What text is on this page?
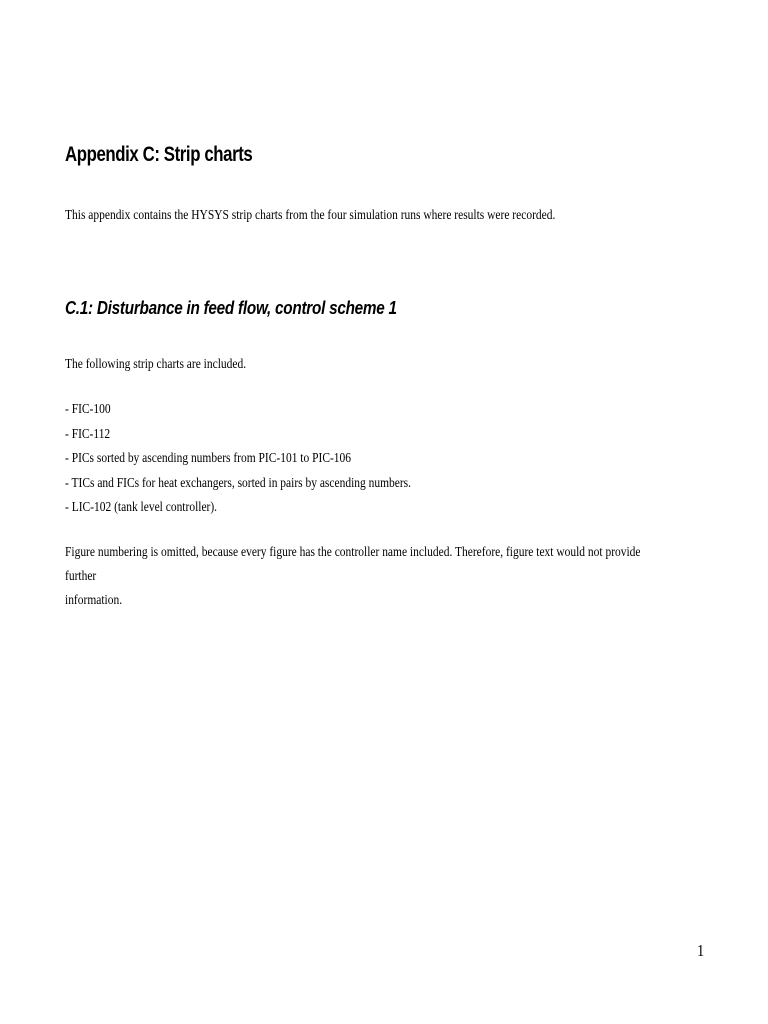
Appendix C: Strip charts

This appendix contains the HYSYS strip charts from the four simulation runs where results were recorded.

C.1: Disturbance in feed flow, control scheme 1

The following strip charts are included.

- FIC-100
- FIC-112
- PICs sorted by ascending numbers from PIC-101 to PIC-106
- TICs and FICs for heat exchangers, sorted in pairs by ascending numbers.
- LIC-102 (tank level controller).

Figure numbering is omitted, because every figure has the controller name included. Therefore, figure text would not provide further
information.

1
